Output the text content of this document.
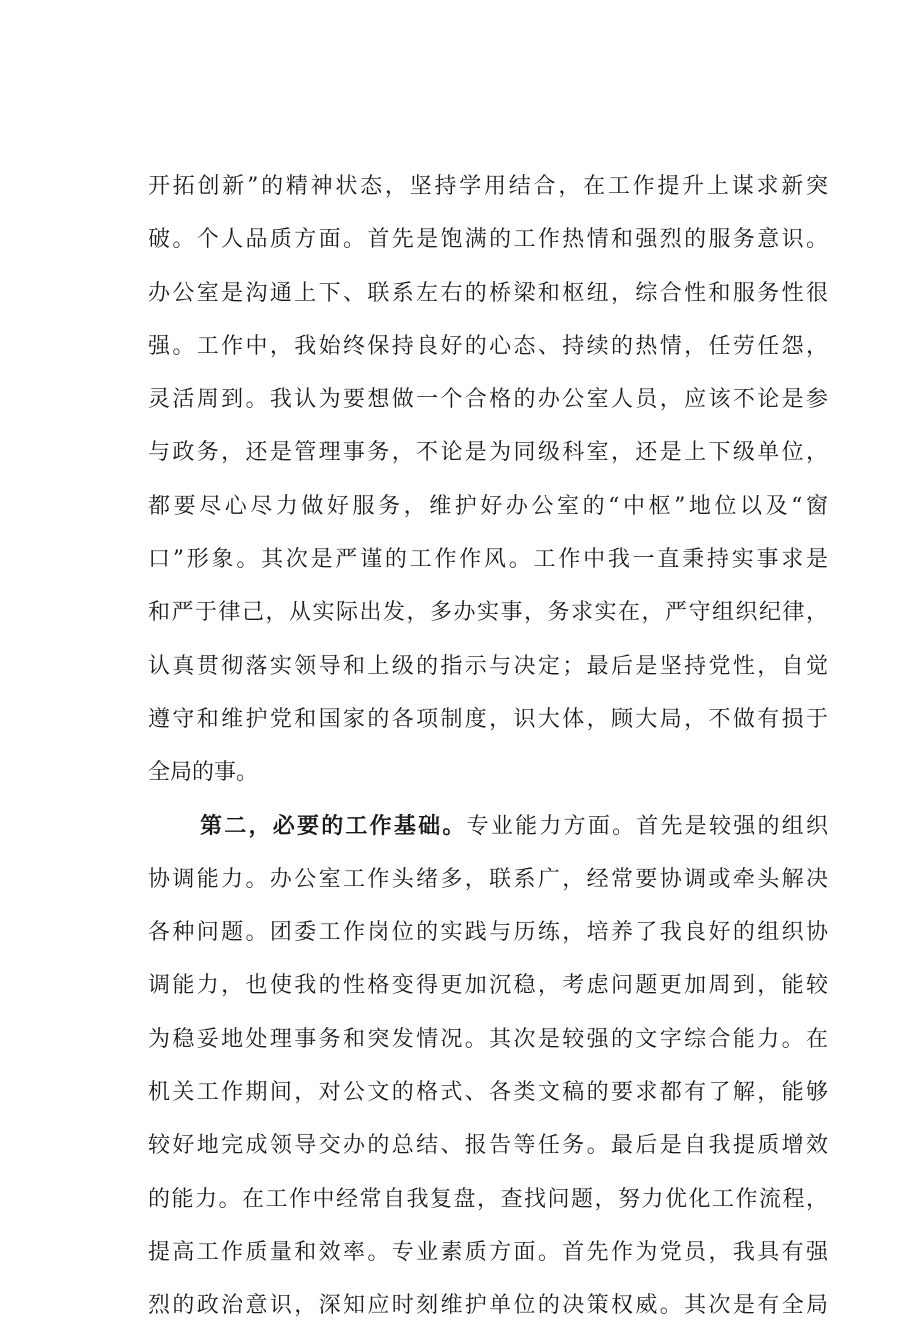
开拓创新”的精神状态，坚持学用结合，在工作提升上谋求新突
破。个人品质方面。首先是饱满的工作热情和强烈的服务意识。
办公室是沟通上下、联系左右的桥梁和枢纽，综合性和服务性很
强。工作中，我始终保持良好的心态、持续的热情，任劳任怨，
灵活周到。我认为要想做一个合格的办公室人员，应该不论是参
与政务，还是管理事务，不论是为同级科室，还是上下级单位，
都要尽心尽力做好服务，维护好办公室的“中枢”地位以及“窗
口”形象。其次是严谨的工作作风。工作中我一直秉持实事求是
和严于律己，从实际出发，多办实事，务求实在，严守组织纪律，
认真贯彻落实领导和上级的指示与决定；最后是坚持党性，自觉
遵守和维护党和国家的各项制度，识大体，顾大局，不做有损于
全局的事。
第二，必要的工作基础。专业能力方面。首先是较强的组织
协调能力。办公室工作头绪多，联系广，经常要协调或牵头解决
各种问题。团委工作岗位的实践与历练，培养了我良好的组织协
调能力，也使我的性格变得更加沉稳，考虑问题更加周到，能较
为稳妥地处理事务和突发情况。其次是较强的文字综合能力。在
机关工作期间，对公文的格式、各类文稿的要求都有了解，能够
较好地完成领导交办的总结、报告等任务。最后是自我提质增效
的能力。在工作中经常自我复盘，查找问题，努力优化工作流程，
提高工作质量和效率。专业素质方面。首先作为党员，我具有强
烈的政治意识，深知应时刻维护单位的决策权威。其次是有全局
